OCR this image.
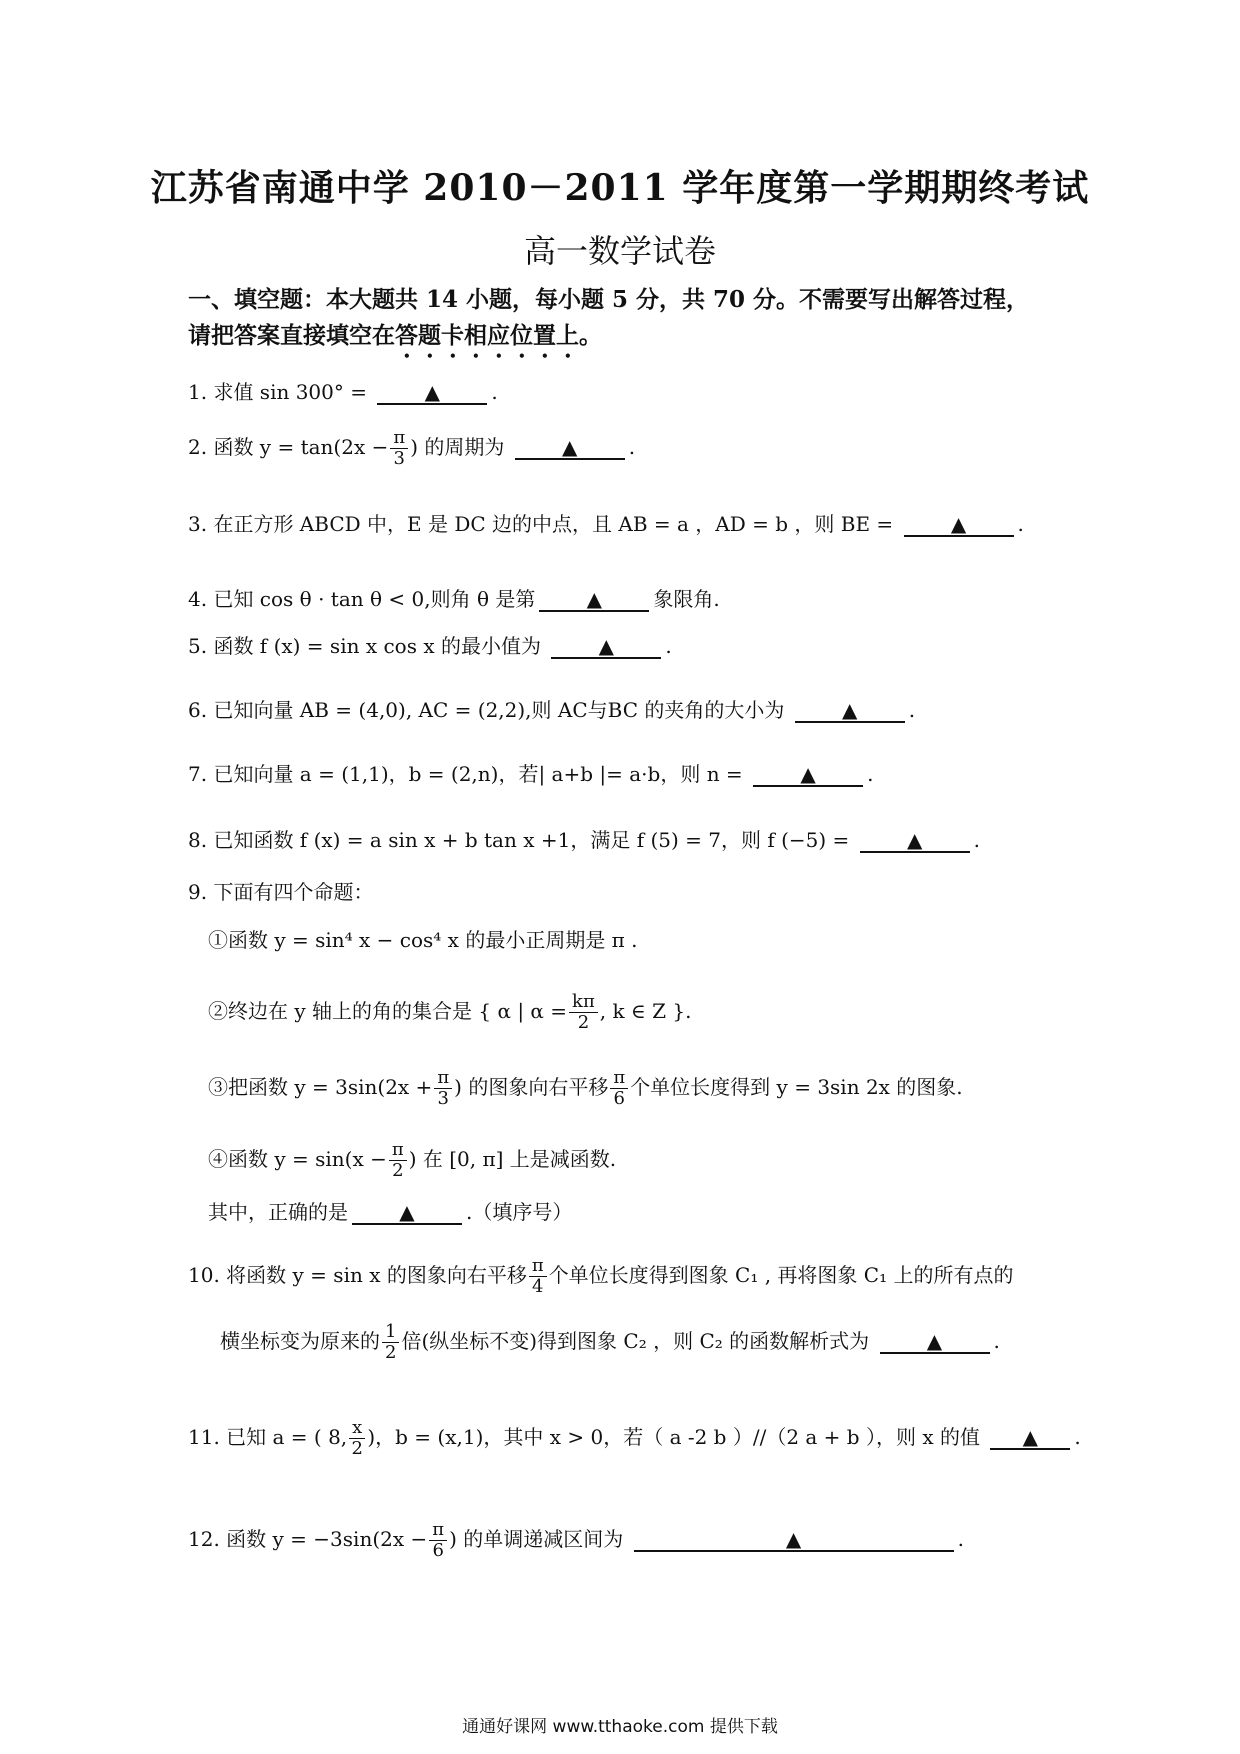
江苏省南通中学 2010－2011 学年度第一学期期终考试
高一数学试卷
一、填空题：本大题共 14 小题，每小题 5 分，共 70 分。不需要写出解答过程，
请把答案直接填空在答题卡相应位置上。
1. 求值 sin 300° =	▲	.
2. 函数 $y = \tan(2x - \frac{\pi}{3}$ ) 的周期为	▲	.
3. 在正方形 ABCD 中，E 是 DC 边的中点，且 AB = a ，AD = b ，则 BE =	▲	.
4. 已知 cos θ · tan θ < 0,则角 θ 是第	▲	象限角.
5. 函数 f (x) = sin x cos x 的最小值为	▲	.
6. 已知向量 AB = (4,0), AC = (2,2),则 AC与BC 的夹角的大小为	▲	.
7. 已知向量 a = (1,1)，b = (2,n)，若| a+b |= a·b，则 n =	▲	.
8. 已知函数 f (x) = a sin x + b tan x +1，满足 f (5) = 7，则 f (−5) =	▲	.
9. 下面有四个命题：
①函数 y = sin⁴ x − cos⁴ x 的最小正周期是 π .
②终边在 y 轴上的角的集合是 { α | $\alpha = \frac{k\pi}{2}$ , k ∈ Z }.
③把函数 $y = 3\sin(2x + \frac{\pi}{3}$ ) 的图象向右平移 $\frac{\pi}{6}$ 个单位长度得到 y = 3sin 2x 的图象.
④函数 $y = \sin(x - \frac{\pi}{2}$ ) 在 [0, π] 上是减函数.
其中，正确的是	▲	.（填序号）
10. 将函数 y = sin x 的图象向右平移 $\frac{\pi}{4}$ 个单位长度得到图象 C₁ , 再将图象 C₁ 上的所有点的
横坐标变为原来的 $\frac{1}{2}$ 倍(纵坐标不变)得到图象 C₂ ，则 C₂ 的函数解析式为	▲	.
11. 已知 a = ( 8, $\frac{x}{2}$ )，b = (x,1)，其中 x > 0，若（ a -2 b ）//（2 a + b ），则 x 的值 ▲ .
12. 函数 $y = -3\sin(2x - \frac{\pi}{6}$ ) 的单调递减区间为	▲	.
通通好课网 www.tthaoke.com 提供下载
